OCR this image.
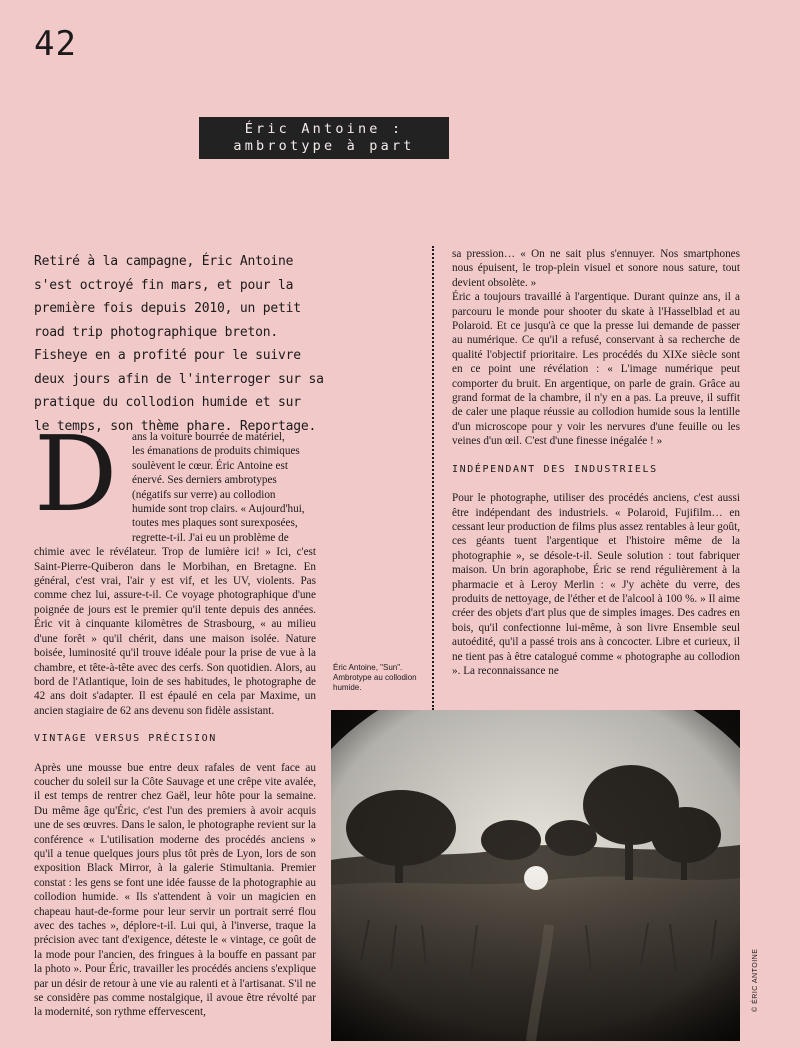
42
Éric Antoine :
ambrotype à part
Retiré à la campagne, Éric Antoine
s'est octroyé fin mars, et pour la
première fois depuis 2010, un petit
road trip photographique breton.
Fisheye en a profité pour le suivre
deux jours afin de l'interroger sur sa
pratique du collodion humide et sur
le temps, son thème phare. Reportage.
D ans la voiture bourrée de matériel,
les émanations de produits chimiques
soulèvent le cœur. Éric Antoine est
énervé. Ses derniers ambrotypes
(négatifs sur verre) au collodion
humide sont trop clairs. « Aujourd'hui,
toutes mes plaques sont surexposées,
regrette-t-il. J'ai eu un problème de

chimie avec le révélateur. Trop de lumière ici! » Ici, c'est Saint-Pierre-Quiberon dans le Morbihan, en Bretagne. En général, c'est vrai, l'air y est vif, et les UV, violents. Pas comme chez lui, assure-t-il. Ce voyage photographique d'une poignée de jours est le premier qu'il tente depuis des années. Éric vit à cinquante kilomètres de Strasbourg, « au milieu d'une forêt » qu'il chérit, dans une maison isolée. Nature boisée, luminosité qu'il trouve idéale pour la prise de vue à la chambre, et tête-à-tête avec des cerfs. Son quotidien. Alors, au bord de l'Atlantique, loin de ses habitudes, le photographe de 42 ans doit s'adapter. Il est épaulé en cela par Maxime, un ancien stagiaire de 62 ans devenu son fidèle assistant.

VINTAGE VERSUS PRÉCISION

Après une mousse bue entre deux rafales de vent face au coucher du soleil sur la Côte Sauvage et une crêpe vite avalée, il est temps de rentrer chez Gaël, leur hôte pour la semaine. Du même âge qu'Éric, c'est l'un des premiers à avoir acquis une de ses œuvres. Dans le salon, le photographe revient sur la conférence « L'utilisation moderne des procédés anciens » qu'il a tenue quelques jours plus tôt près de Lyon, lors de son exposition Black Mirror, à la galerie Stimultania. Premier constat : les gens se font une idée fausse de la photographie au collodion humide. « Ils s'attendent à voir un magicien en chapeau haut-de-forme pour leur servir un portrait serré flou avec des taches », déplore-t-il. Lui qui, à l'inverse, traque la précision avec tant d'exigence, déteste le « vintage, ce goût de la mode pour l'ancien, des fringues à la bouffe en passant par la photo ». Pour Éric, travailler les procédés anciens s'explique par un désir de retour à une vie au ralenti et à l'artisanat. S'il ne se considère pas comme nostalgique, il avoue être révolté par la modernité, son rythme effervescent,

sa pression… « On ne sait plus s'ennuyer. Nos smartphones nous épuisent, le trop-plein visuel et sonore nous sature, tout devient obsolète. »

Éric a toujours travaillé à l'argentique. Durant quinze ans, il a parcouru le monde pour shooter du skate à l'Hasselblad et au Polaroid. Et ce jusqu'à ce que la presse lui demande de passer au numérique. Ce qu'il a refusé, conservant à sa recherche de qualité l'objectif prioritaire. Les procédés du XIXe siècle sont en ce point une révélation : « L'image numérique peut comporter du bruit. En argentique, on parle de grain. Grâce au grand format de la chambre, il n'y en a pas. La preuve, il suffit de caler une plaque réussie au collodion humide sous la lentille d'un microscope pour y voir les nervures d'une feuille ou les veines d'un œil. C'est d'une finesse inégalée ! »

INDÉPENDANT DES INDUSTRIELS

Pour le photographe, utiliser des procédés anciens, c'est aussi être indépendant des industriels. « Polaroid, Fujifilm… en cessant leur production de films plus assez rentables à leur goût, ces géants tuent l'argentique et l'histoire même de la photographie », se désole-t-il. Seule solution : tout fabriquer maison. Un brin agoraphobe, Éric se rend régulièrement à la pharmacie et à Leroy Merlin : « J'y achète du verre, des produits de nettoyage, de l'éther et de l'alcool à 100 %. » Il aime créer des objets d'art plus que de simples images. Des cadres en bois, qu'il confectionne lui-même, à son livre Ensemble seul autoédité, qu'il a passé trois ans à concocter. Libre et curieux, il ne tient pas à être catalogué comme « photographe au collodion ». La reconnaissance ne

Éric Antoine, "Sun". Ambrotype au collodion humide.
© ÉRIC ANTOINE
